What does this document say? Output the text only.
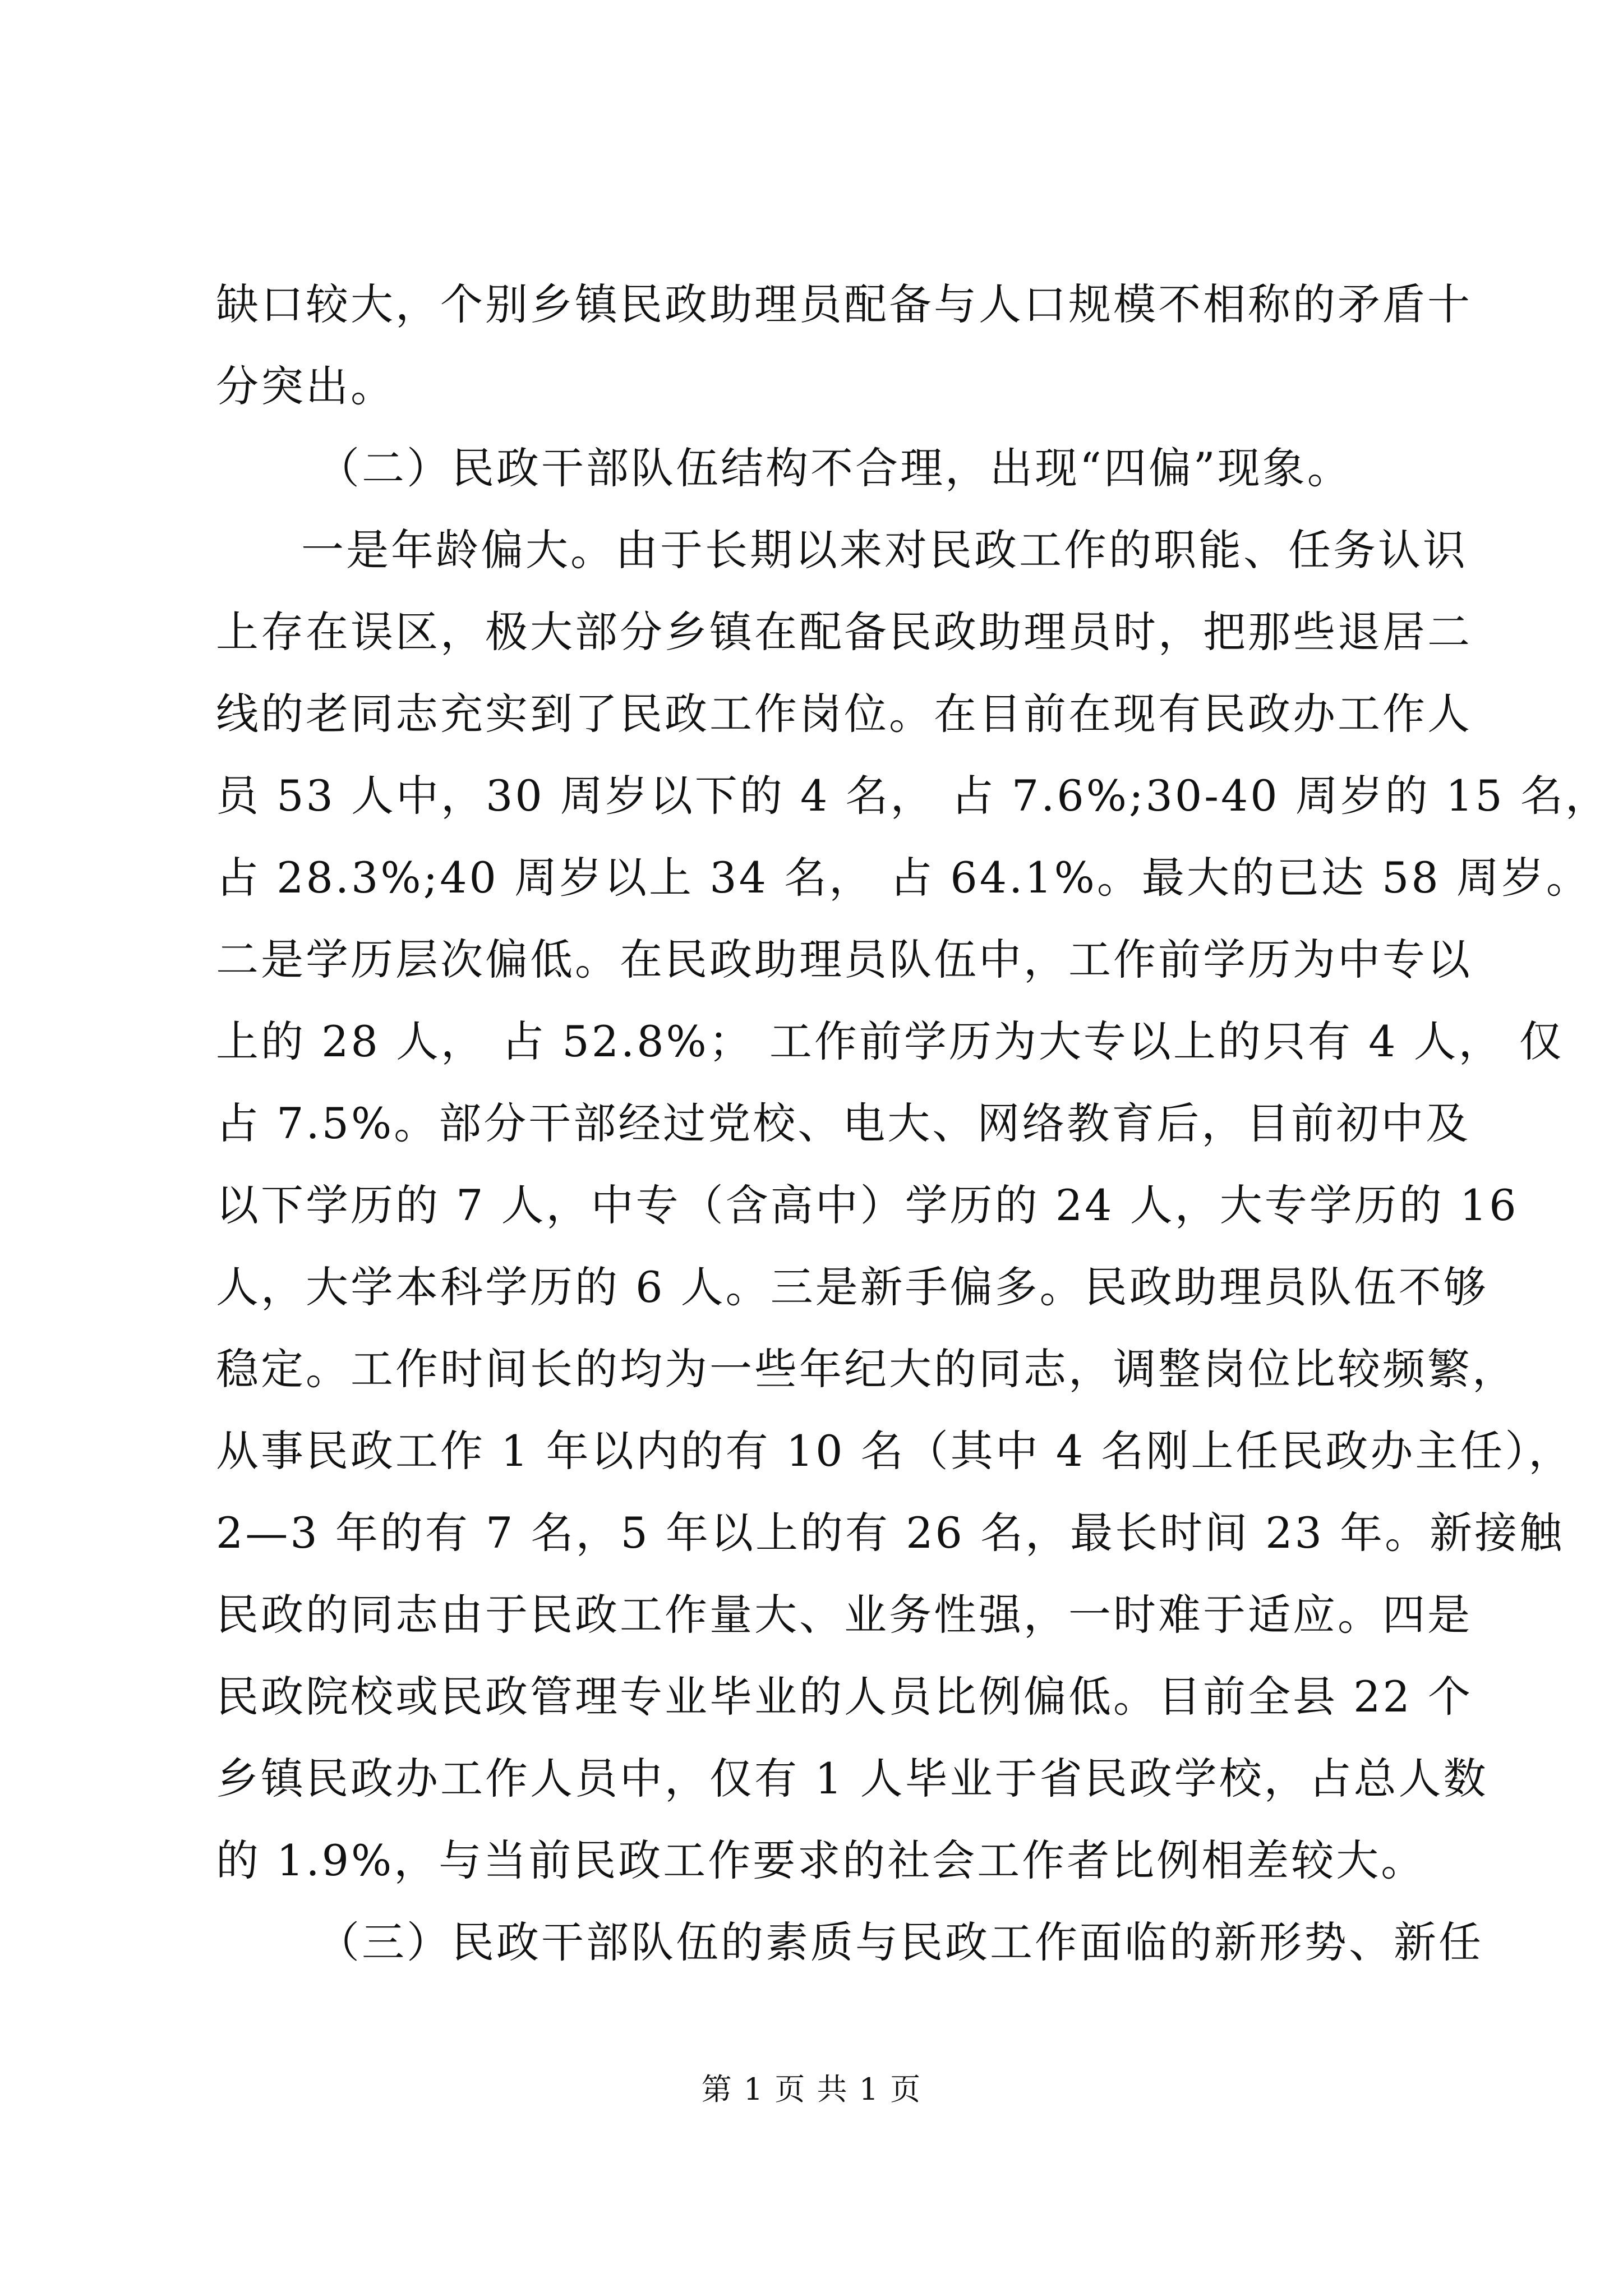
缺口较大，个别乡镇民政助理员配备与人口规模不相称的矛盾十
分突出。
（二）民政干部队伍结构不合理，出现“四偏”现象。
一是年龄偏大。由于长期以来对民政工作的职能、任务认识
上存在误区，极大部分乡镇在配备民政助理员时，把那些退居二
线的老同志充实到了民政工作岗位。在目前在现有民政办工作人
员 53 人中，30 周岁以下的 4 名， 占 7.6%;30-40 周岁的 15 名，
占 28.3%;40 周岁以上 34 名， 占 64.1%。最大的已达 58 周岁。
二是学历层次偏低。在民政助理员队伍中，工作前学历为中专以
上的 28 人， 占 52.8%； 工作前学历为大专以上的只有 4 人， 仅
占 7.5%。部分干部经过党校、电大、网络教育后，目前初中及
以下学历的 7 人，中专（含高中）学历的 24 人，大专学历的 16
人，大学本科学历的 6 人。三是新手偏多。民政助理员队伍不够
稳定。工作时间长的均为一些年纪大的同志，调整岗位比较频繁，
从事民政工作 1 年以内的有 10 名（其中 4 名刚上任民政办主任），
2—3 年的有 7 名，5 年以上的有 26 名，最长时间 23 年。新接触
民政的同志由于民政工作量大、业务性强，一时难于适应。四是
民政院校或民政管理专业毕业的人员比例偏低。目前全县 22 个
乡镇民政办工作人员中，仅有 1 人毕业于省民政学校，占总人数
的 1.9%，与当前民政工作要求的社会工作者比例相差较大。
（三）民政干部队伍的素质与民政工作面临的新形势、新任
第 1 页 共 1 页
